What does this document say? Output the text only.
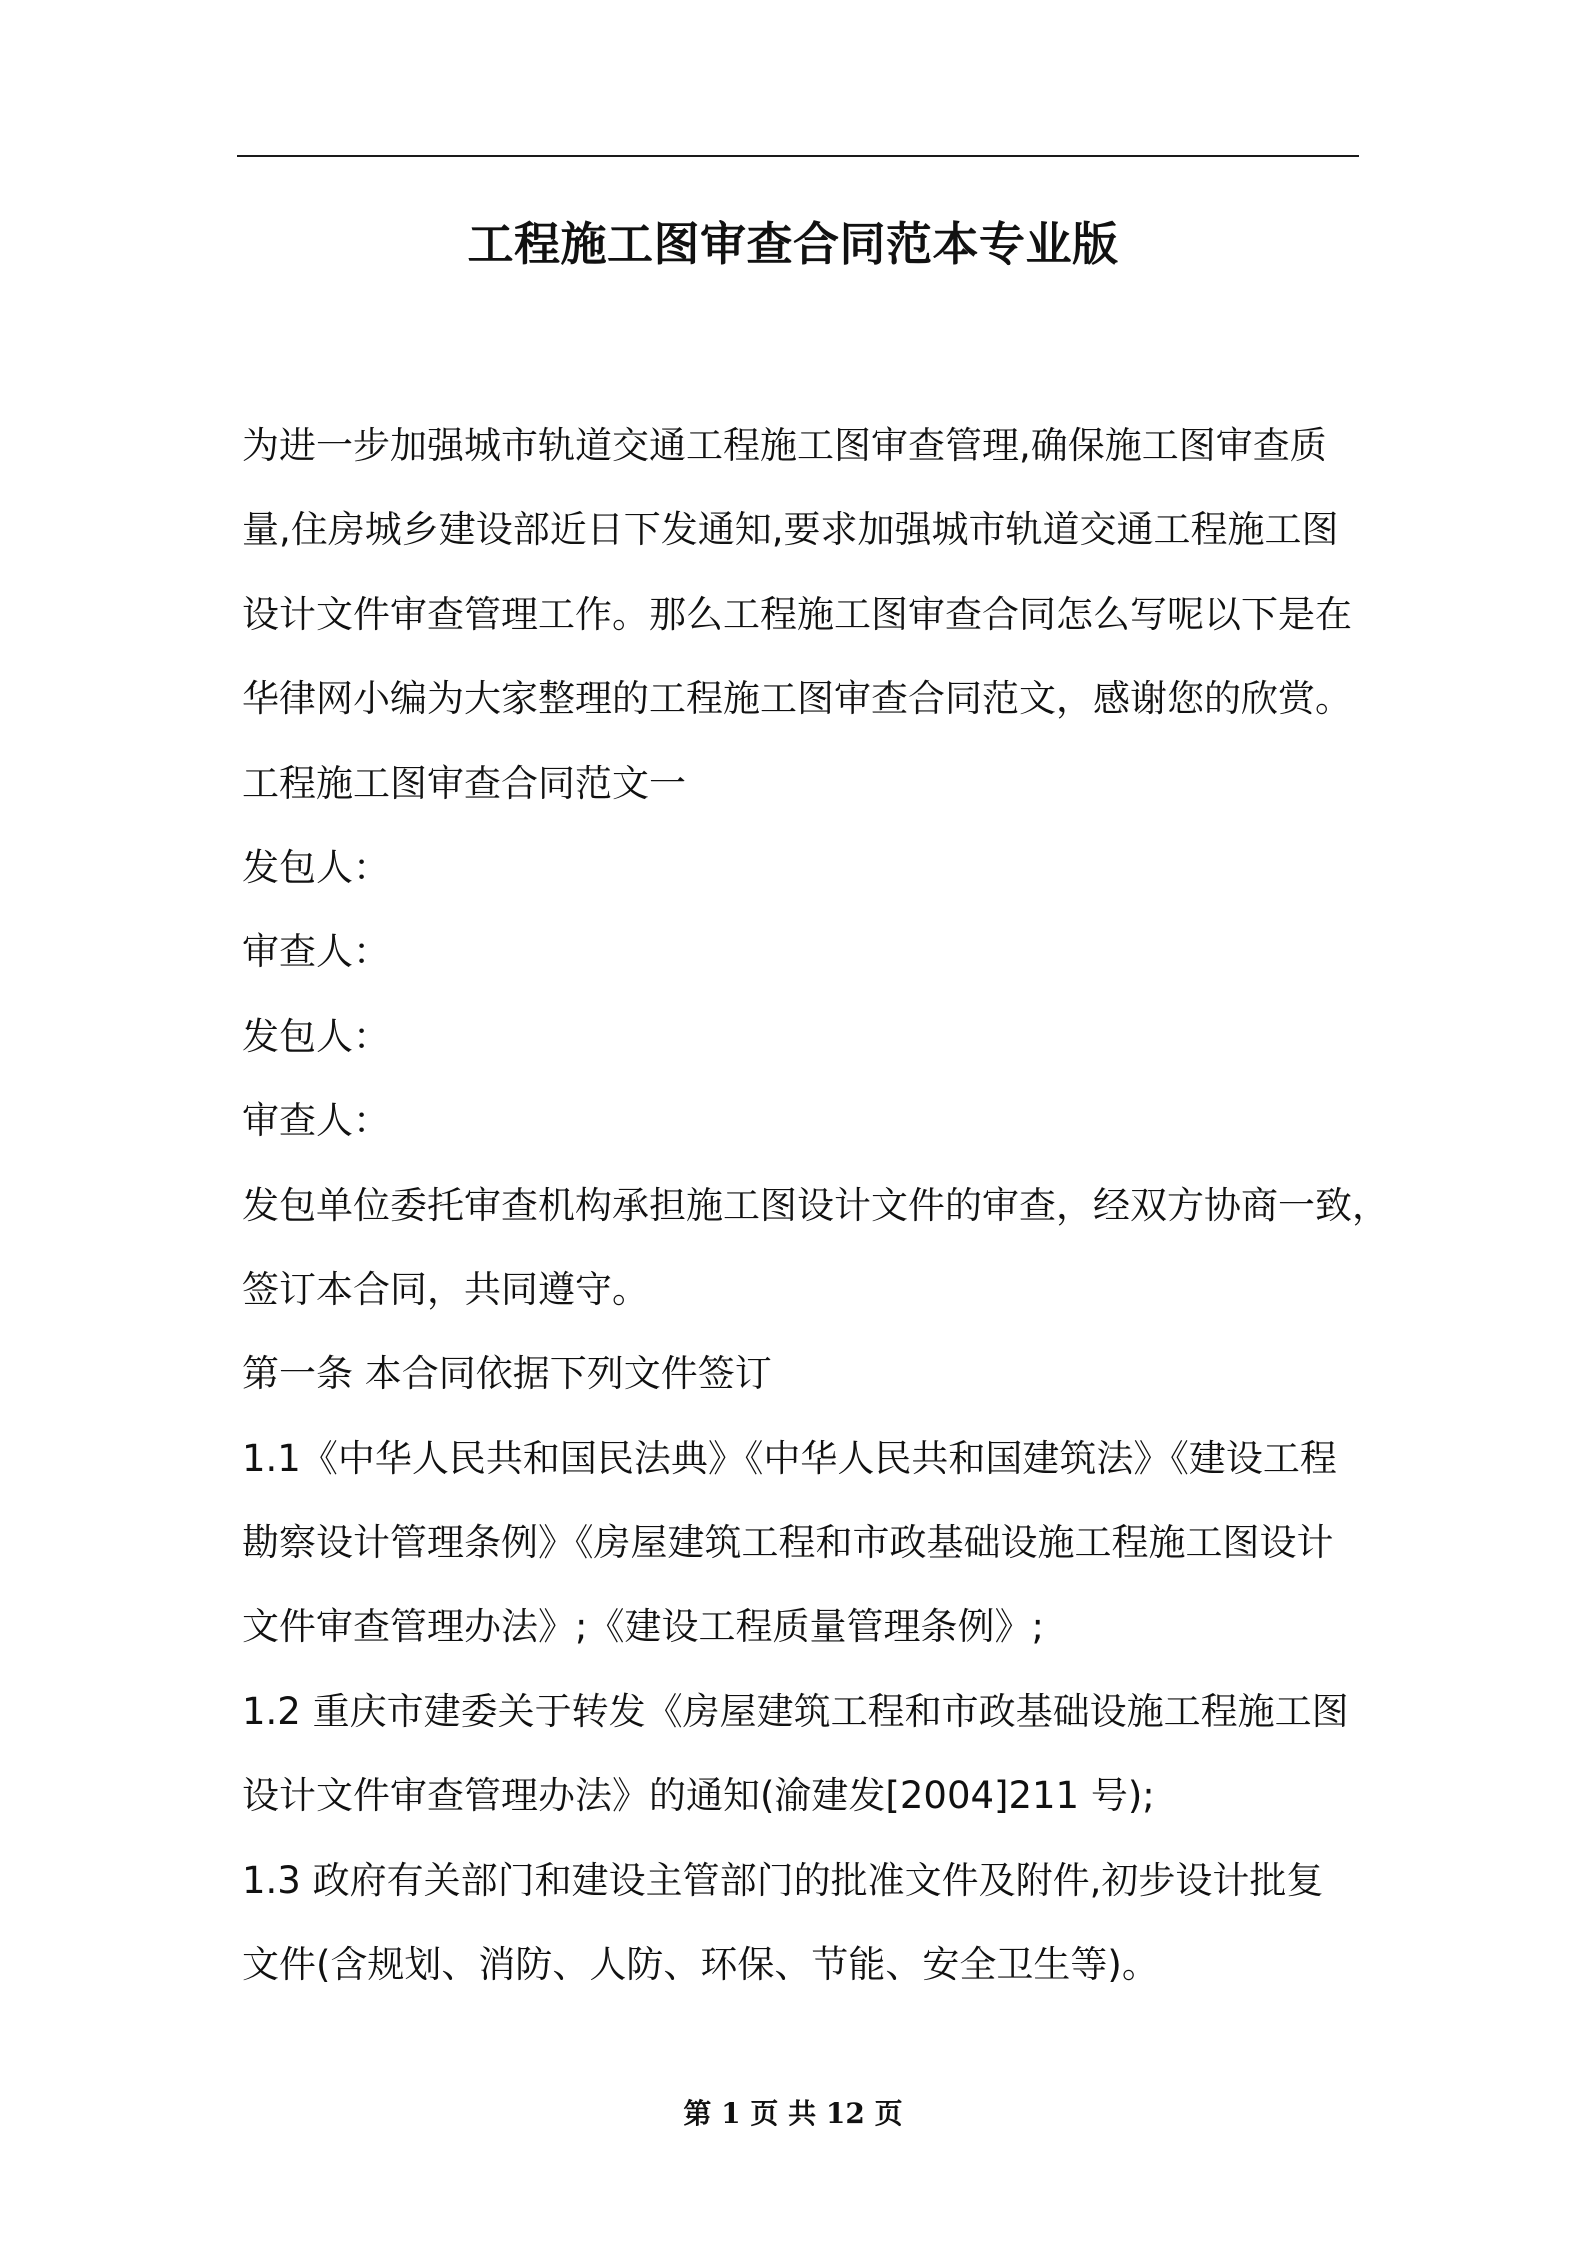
工程施工图审查合同范本专业版
为进一步加强城市轨道交通工程施工图审查管理,确保施工图审查质
量,住房城乡建设部近日下发通知,要求加强城市轨道交通工程施工图
设计文件审查管理工作。那么工程施工图审查合同怎么写呢以下是在
华律网小编为大家整理的工程施工图审查合同范文，感谢您的欣赏。
工程施工图审查合同范文一
发包人：
审查人：
发包人：
审查人：
发包单位委托审查机构承担施工图设计文件的审查，经双方协商一致，
签订本合同，共同遵守。
第一条 本合同依据下列文件签订
1.1《中华人民共和国民法典》《中华人民共和国建筑法》《建设工程
勘察设计管理条例》《房屋建筑工程和市政基础设施工程施工图设计
文件审查管理办法》;《建设工程质量管理条例》;
1.2 重庆市建委关于转发《房屋建筑工程和市政基础设施工程施工图
设计文件审查管理办法》的通知(渝建发[2004]211 号);
1.3 政府有关部门和建设主管部门的批准文件及附件,初步设计批复
文件(含规划、消防、人防、环保、节能、安全卫生等)。
第 1 页 共 12 页
